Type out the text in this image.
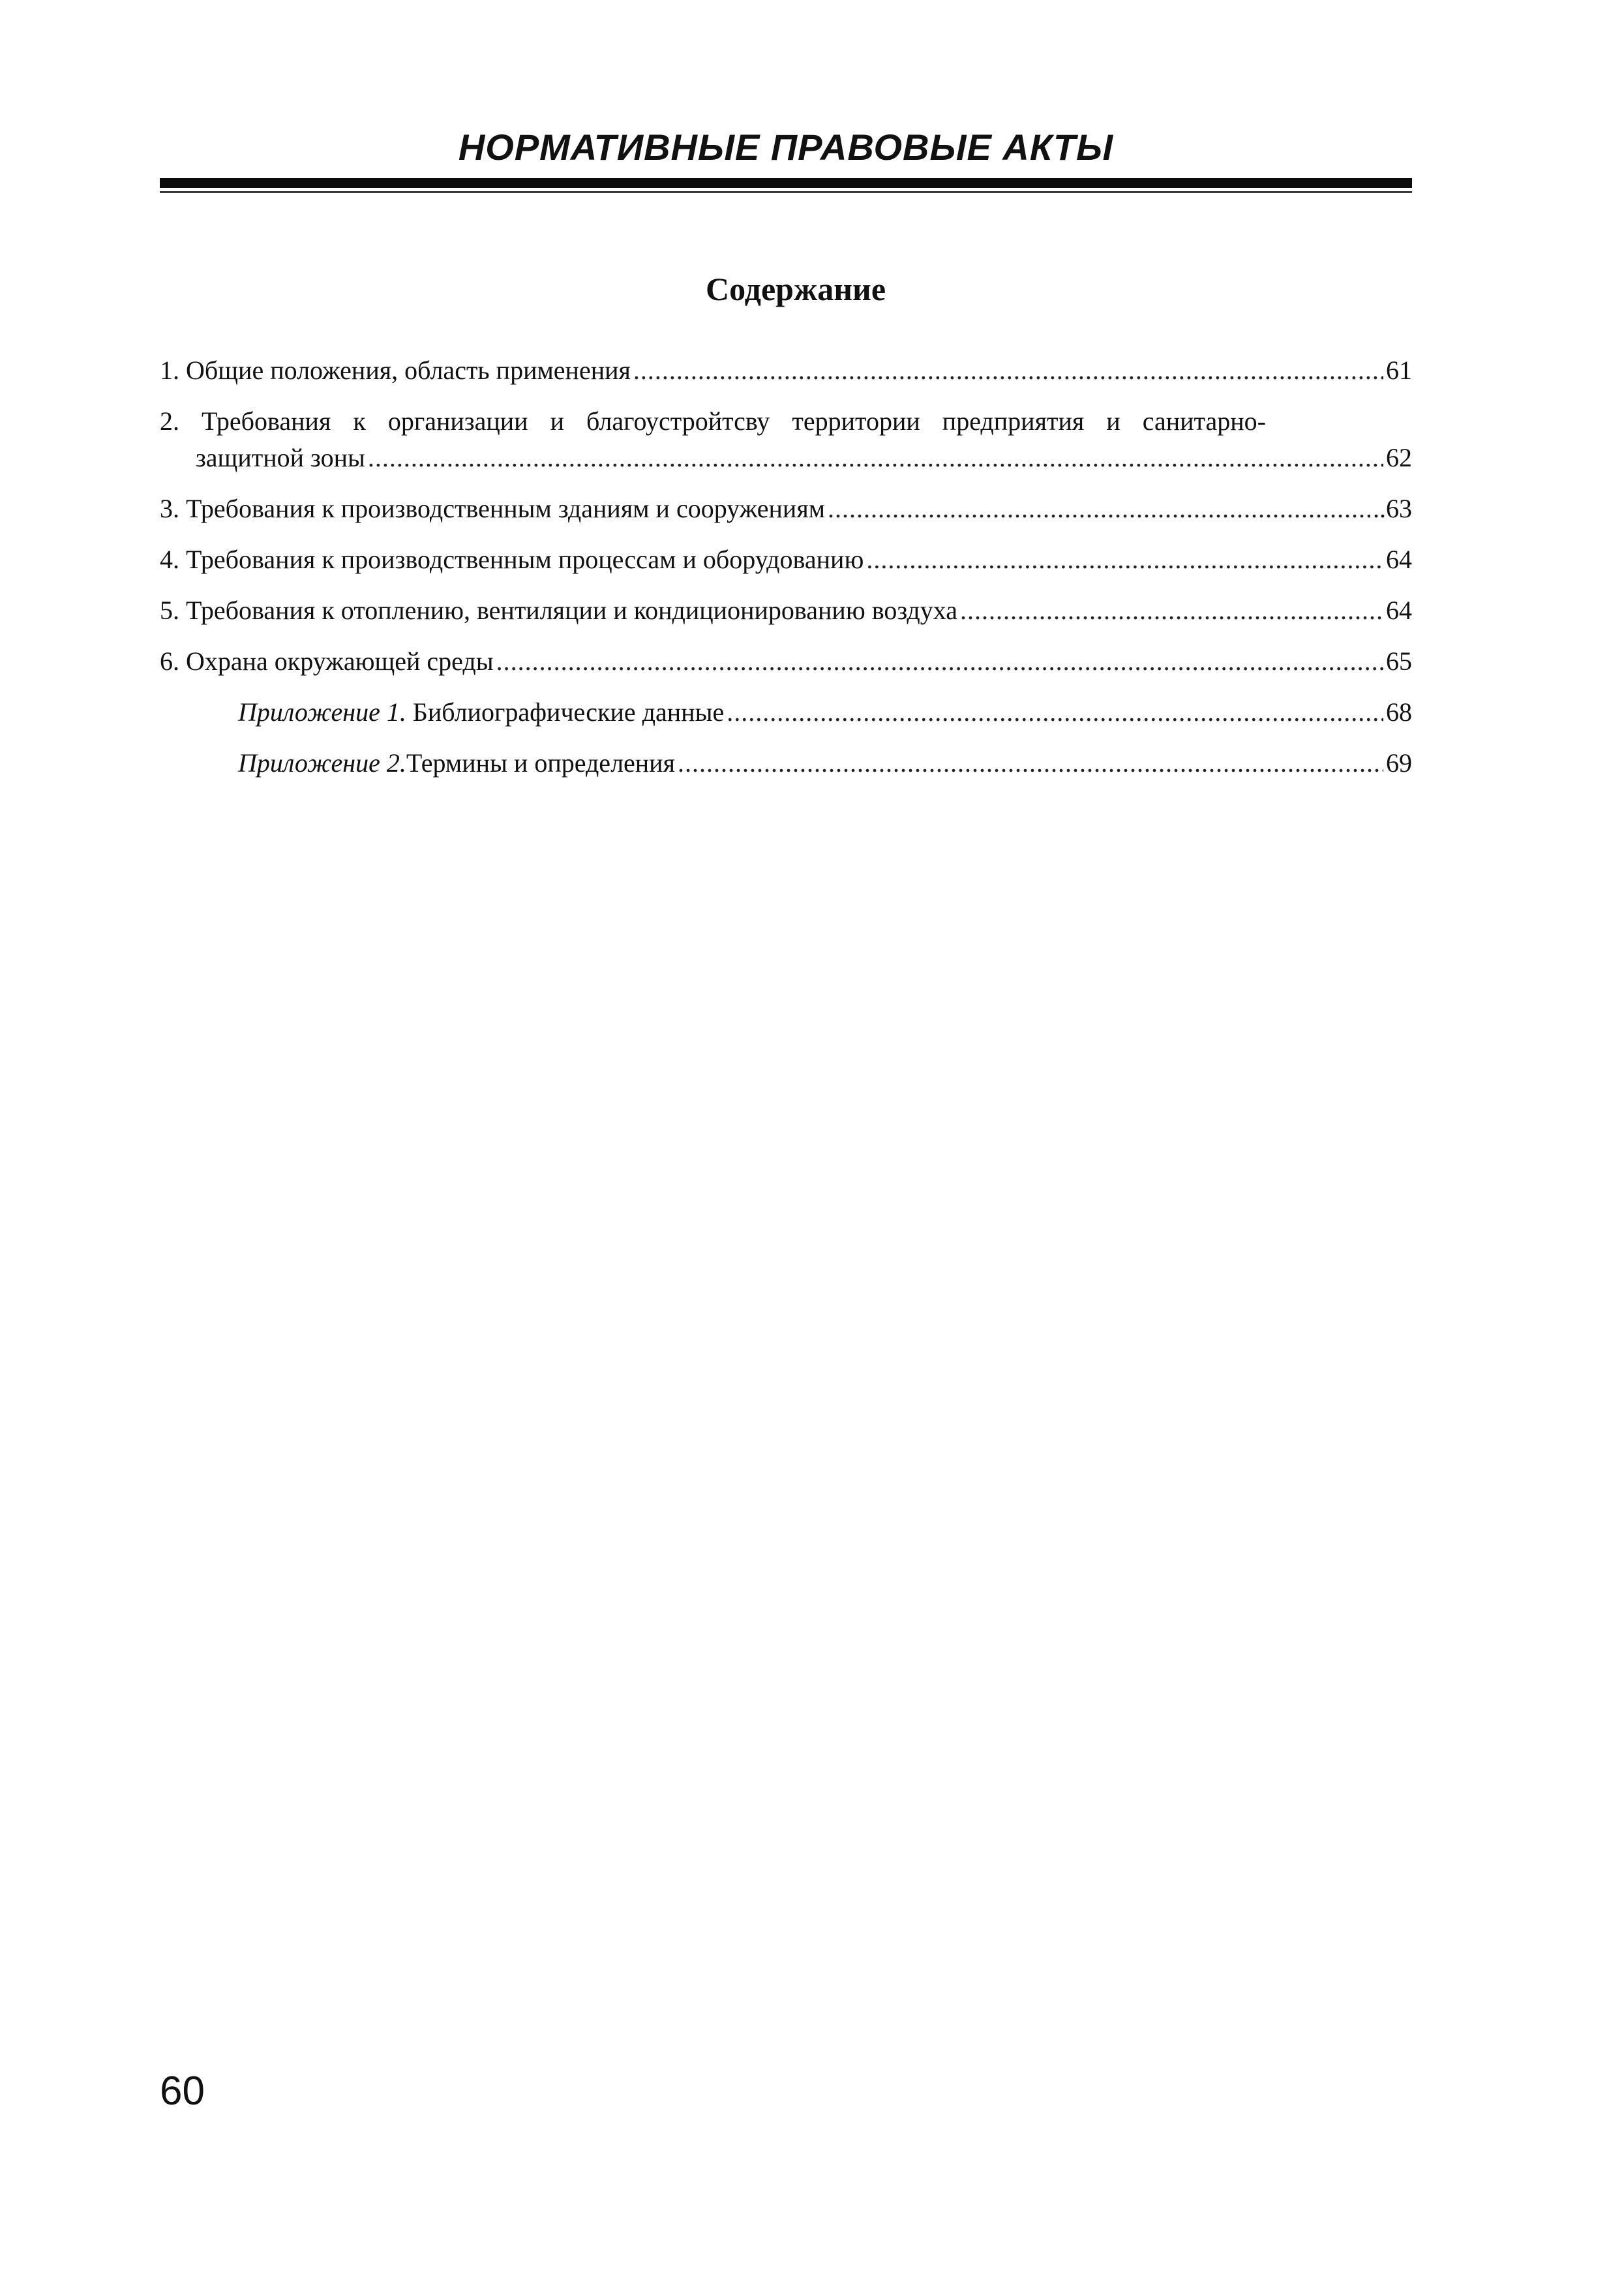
НОРМАТИВНЫЕ ПРАВОВЫЕ АКТЫ
Содержание
1. Общие положения, область применения .....	61
2. Требования к организации и благоустройтсву территории предприятия и санитарно-
защитной зоны .....	62
3. Требования к производственным зданиям и сооружениям .....	..63
4. Требования к производственным процессам и оборудованию .....	64
5. Требования к отоплению, вентиляции и кондиционированию воздуха .....	64
6. Охрана окружающей среды .....	65
Приложение 1. Библиографические данные .....	68
Приложение 2.Термины и определения .....	69
60
